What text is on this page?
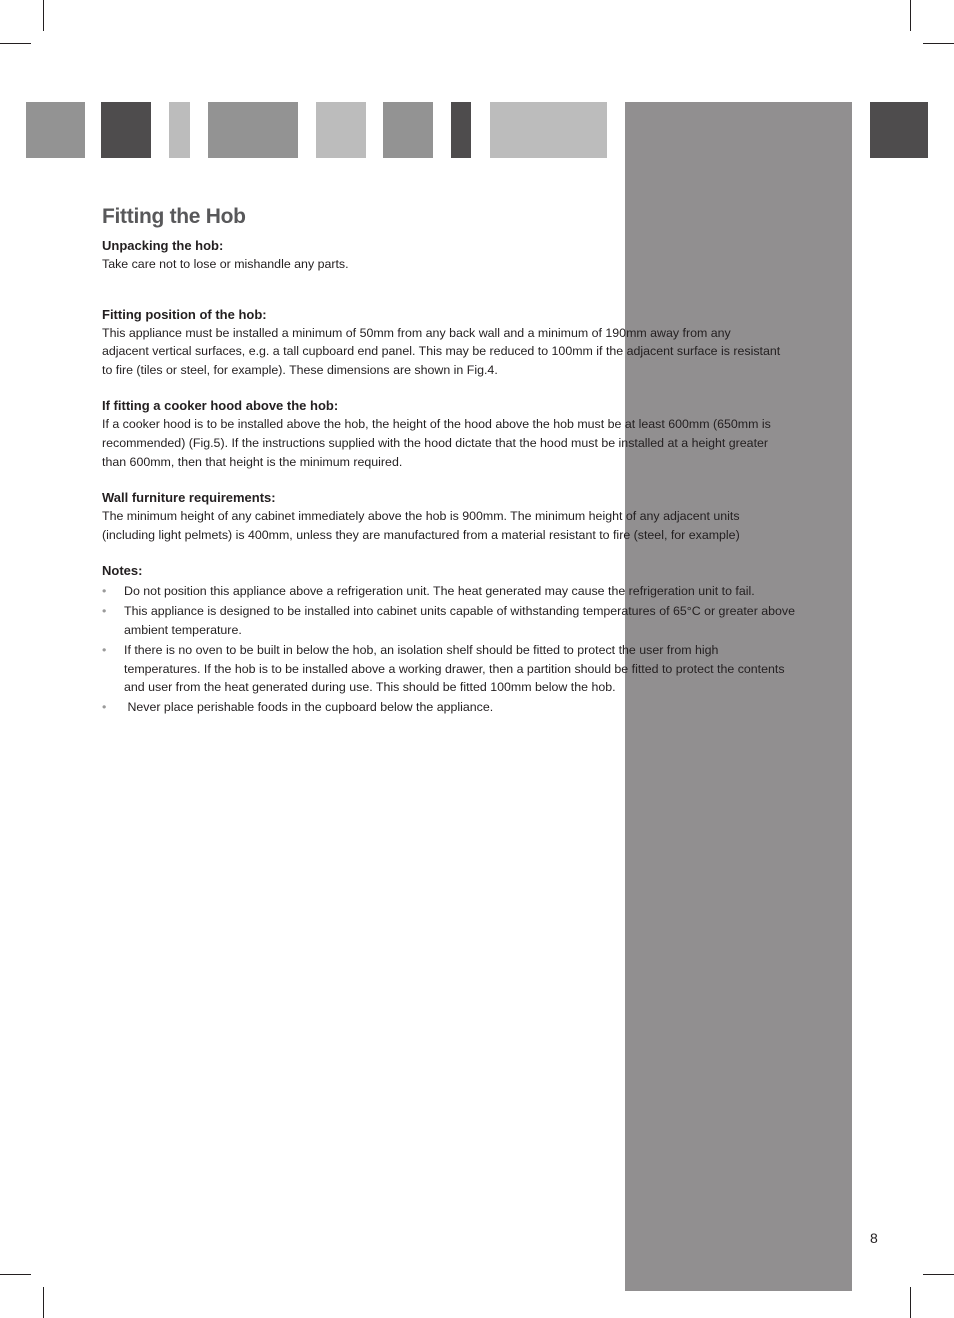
Fitting the Hob

Unpacking the hob:

Take care not to lose or mishandle any parts.

Fitting position of the hob:

This appliance must be installed a minimum of 50mm from any back wall and a minimum of 190mm away from any

adjacent vertical surfaces, e.g. a tall cupboard end panel. This may be reduced to 100mm if the adjacent surface is resistant

to fire (tiles or steel, for example). These dimensions are shown in Fig.4.

If fitting a cooker hood above the hob:

If a cooker hood is to be installed above the hob, the height of the hood above the hob must be at least 600mm (650mm is

recommended) (Fig.5). If the instructions supplied with the hood dictate that the hood must be installed at a height greater

than 600mm, then that height is the minimum required.

Wall furniture requirements:

The minimum height of any cabinet immediately above the hob is 900mm. The minimum height of any adjacent units

(including light pelmets) is 400mm, unless they are manufactured from a material resistant to fire (steel, for example)

Notes:

• Do not position this appliance above a refrigeration unit. The heat generated may cause the refrigeration unit to fail.
• This appliance is designed to be installed into cabinet units capable of withstanding temperatures of 65°C or greater above
ambient temperature.
• If there is no oven to be built in below the hob, an isolation shelf should be fitted to protect the user from high
temperatures. If the hob is to be installed above a working drawer, then a partition should be fitted to protect the contents
and user from the heat generated during use. This should be fitted 100mm below the hob.
• Never place perishable foods in the cupboard below the appliance.
8
